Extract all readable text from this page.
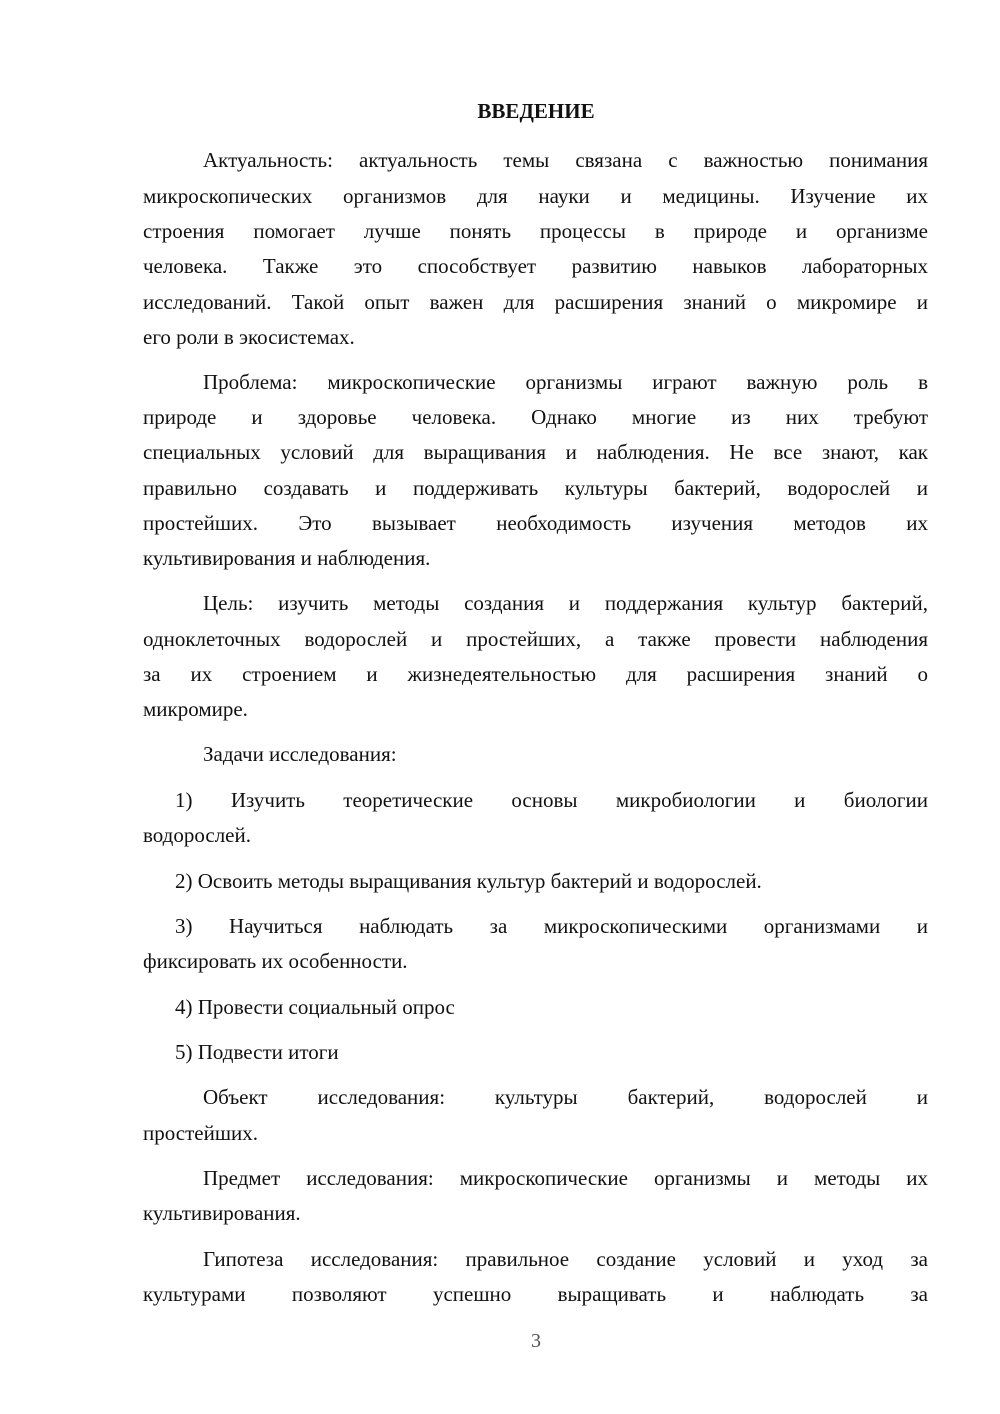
ВВЕДЕНИЕ
Актуальность: актуальность темы связана с важностью понимания
микроскопических организмов для науки и медицины. Изучение их
строения помогает лучше понять процессы в природе и организме
человека. Также это способствует развитию навыков лабораторных
исследований. Такой опыт важен для расширения знаний о микромире и
его роли в экосистемах.
Проблема: микроскопические организмы играют важную роль в
природе и здоровье человека. Однако многие из них требуют
специальных условий для выращивания и наблюдения. Не все знают, как
правильно создавать и поддерживать культуры бактерий, водорослей и
простейших. Это вызывает необходимость изучения методов их
культивирования и наблюдения.
Цель: изучить методы создания и поддержания культур бактерий,
одноклеточных водорослей и простейших, а также провести наблюдения
за их строением и жизнедеятельностью для расширения знаний о
микромире.
Задачи исследования:
1) Изучить теоретические основы микробиологии и биологии
водорослей.
2) Освоить методы выращивания культур бактерий и водорослей.
3) Научиться наблюдать за микроскопическими организмами и
фиксировать их особенности.
4) Провести социальный опрос
5) Подвести итоги
Объект исследования: культуры бактерий, водорослей и
простейших.
Предмет исследования: микроскопические организмы и методы их
культивирования.
Гипотеза исследования: правильное создание условий и уход за
культурами позволяют успешно выращивать и наблюдать за
3
